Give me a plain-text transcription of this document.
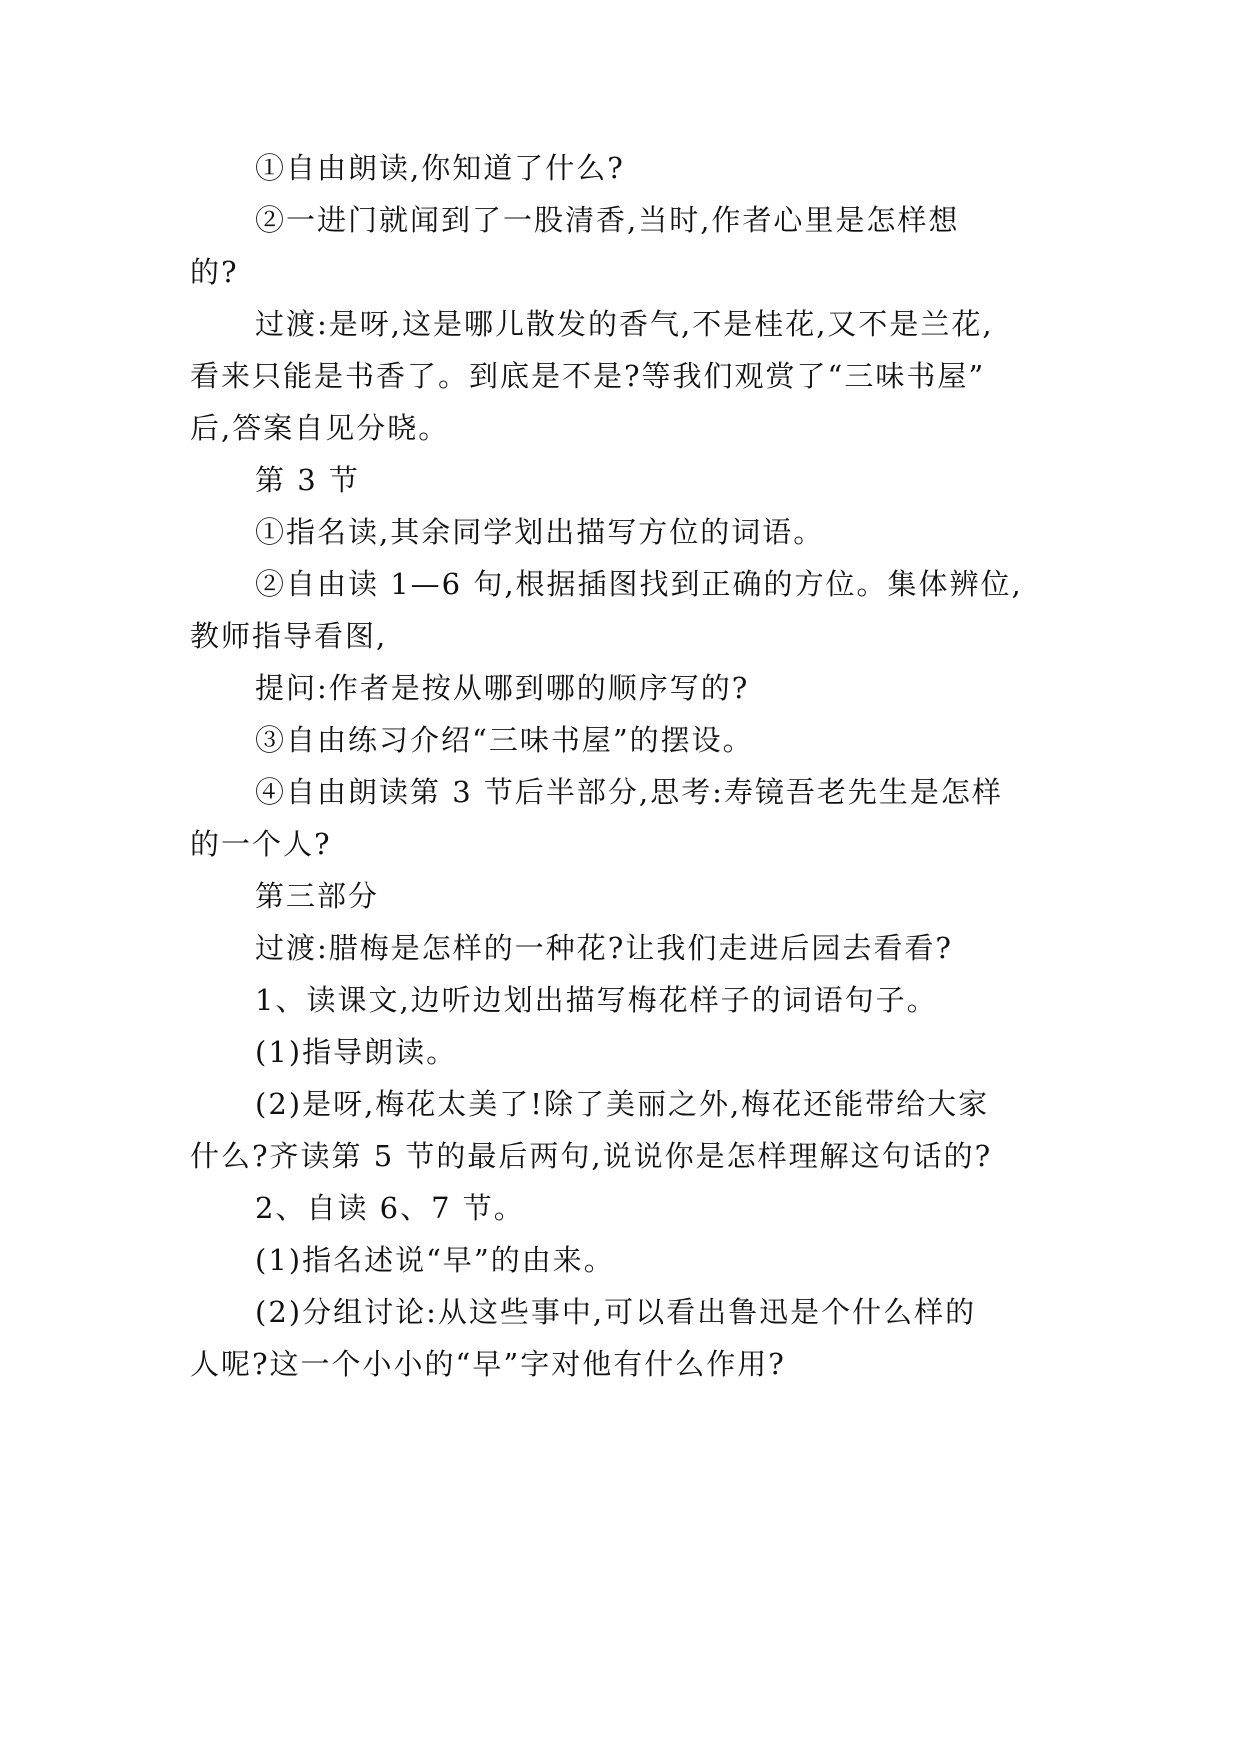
①自由朗读,你知道了什么?
②一进门就闻到了一股清香,当时,作者心里是怎样想
的?
过渡:是呀,这是哪儿散发的香气,不是桂花,又不是兰花,
看来只能是书香了。到底是不是?等我们观赏了“三味书屋”
后,答案自见分晓。
第 3 节
①指名读,其余同学划出描写方位的词语。
②自由读 1—6 句,根据插图找到正确的方位。集体辨位,
教师指导看图,
提问:作者是按从哪到哪的顺序写的?
③自由练习介绍“三味书屋”的摆设。
④自由朗读第 3 节后半部分,思考:寿镜吾老先生是怎样
的一个人?
第三部分
过渡:腊梅是怎样的一种花?让我们走进后园去看看?
1、读课文,边听边划出描写梅花样子的词语句子。
(1)指导朗读。
(2)是呀,梅花太美了!除了美丽之外,梅花还能带给大家
什么?齐读第 5 节的最后两句,说说你是怎样理解这句话的?
2、自读 6、7 节。
(1)指名述说“早”的由来。
(2)分组讨论:从这些事中,可以看出鲁迅是个什么样的
人呢?这一个小小的“早”字对他有什么作用?
